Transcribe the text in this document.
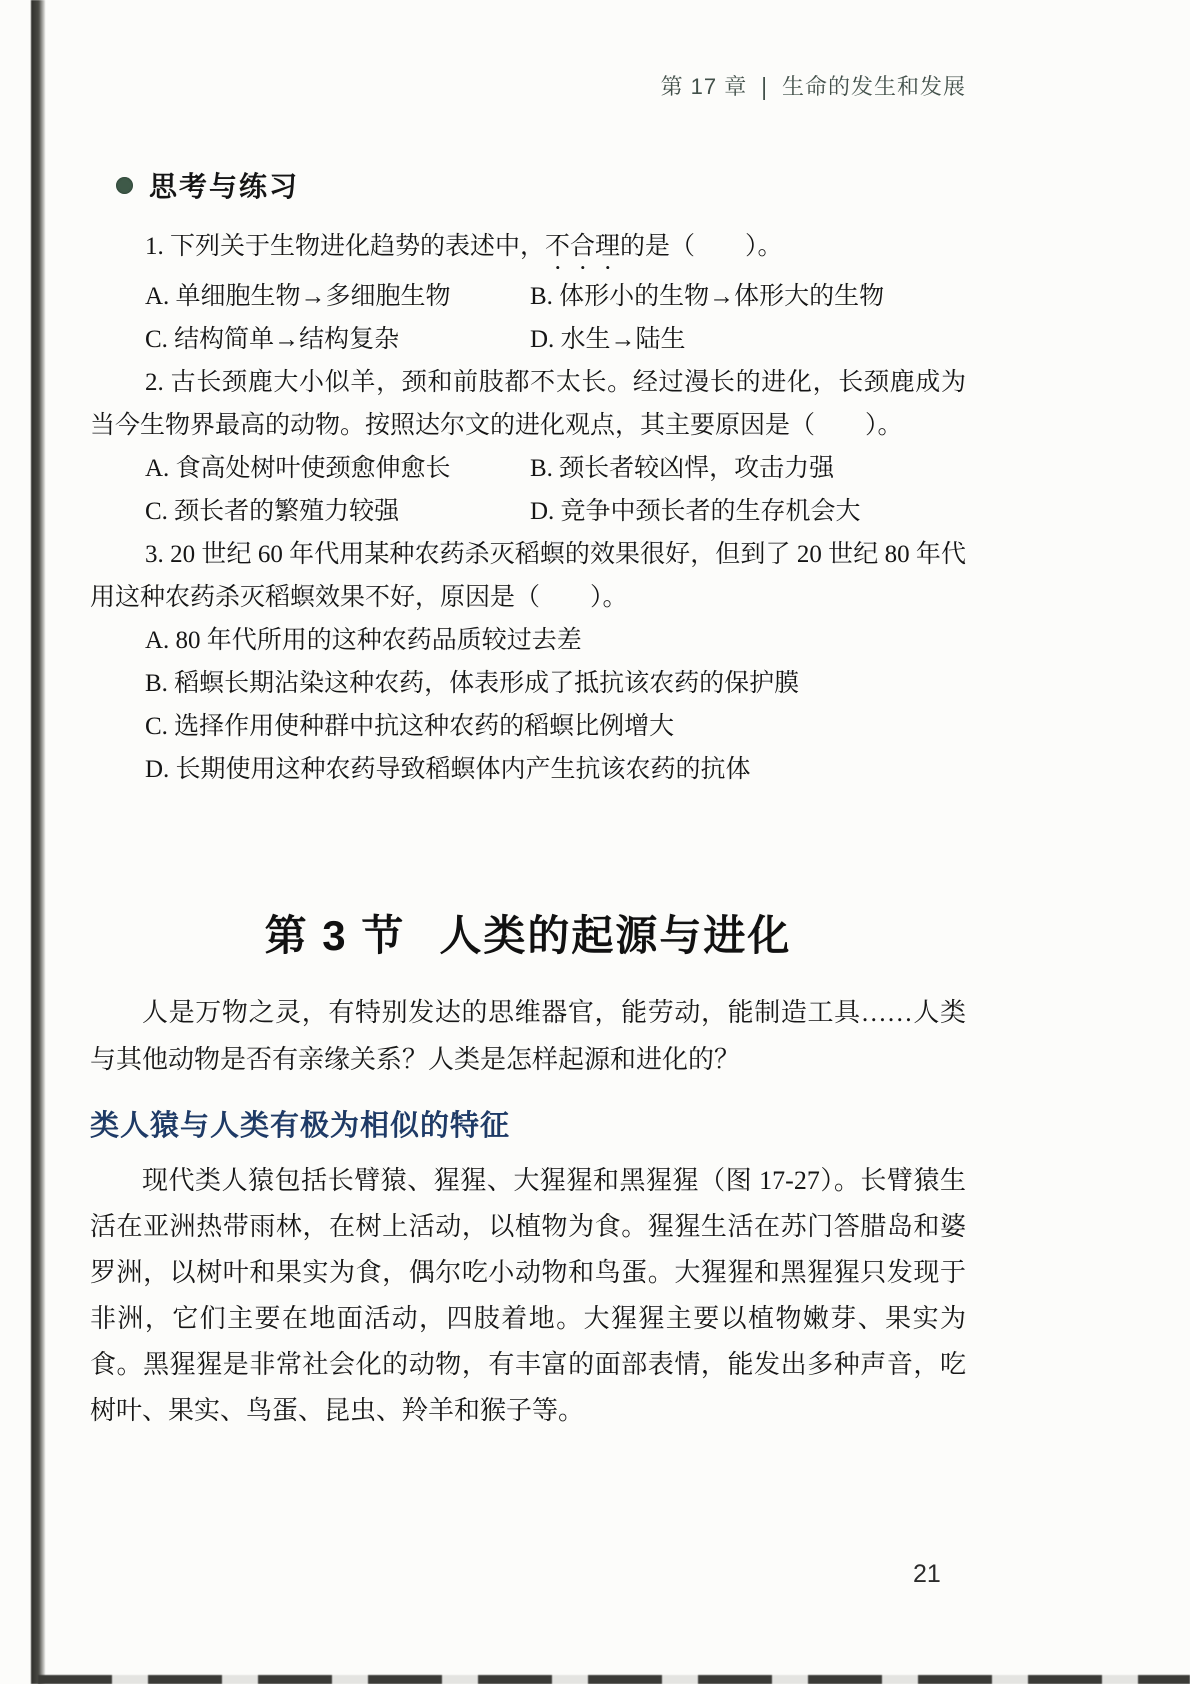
第 17 章 | 生命的发生和发展
思考与练习

1. 下列关于生物进化趋势的表述中，不合理的是（　　）。

A. 单细胞生物→多细胞生物	B. 体形小的生物→体形大的生物
C. 结构简单→结构复杂	D. 水生→陆生

2. 古长颈鹿大小似羊，颈和前肢都不太长。经过漫长的进化，长颈鹿成为当今生物界最高的动物。按照达尔文的进化观点，其主要原因是（　　）。

A. 食高处树叶使颈愈伸愈长	B. 颈长者较凶悍，攻击力强
C. 颈长者的繁殖力较强	D. 竞争中颈长者的生存机会大

3. 20 世纪 60 年代用某种农药杀灭稻螟的效果很好，但到了 20 世纪 80 年代用这种农药杀灭稻螟效果不好，原因是（　　）。

A. 80 年代所用的这种农药品质较过去差
B. 稻螟长期沾染这种农药，体表形成了抵抗该农药的保护膜
C. 选择作用使种群中抗这种农药的稻螟比例增大
D. 长期使用这种农药导致稻螟体内产生抗该农药的抗体
第 3 节 人类的起源与进化

人是万物之灵，有特别发达的思维器官，能劳动，能制造工具……人类与其他动物是否有亲缘关系？人类是怎样起源和进化的？

类人猿与人类有极为相似的特征

现代类人猿包括长臂猿、猩猩、大猩猩和黑猩猩（图 17-27）。长臂猿生活在亚洲热带雨林，在树上活动，以植物为食。猩猩生活在苏门答腊岛和婆罗洲，以树叶和果实为食，偶尔吃小动物和鸟蛋。大猩猩和黑猩猩只发现于非洲，它们主要在地面活动，四肢着地。大猩猩主要以植物嫩芽、果实为食。黑猩猩是非常社会化的动物，有丰富的面部表情，能发出多种声音，吃树叶、果实、鸟蛋、昆虫、羚羊和猴子等。

21
